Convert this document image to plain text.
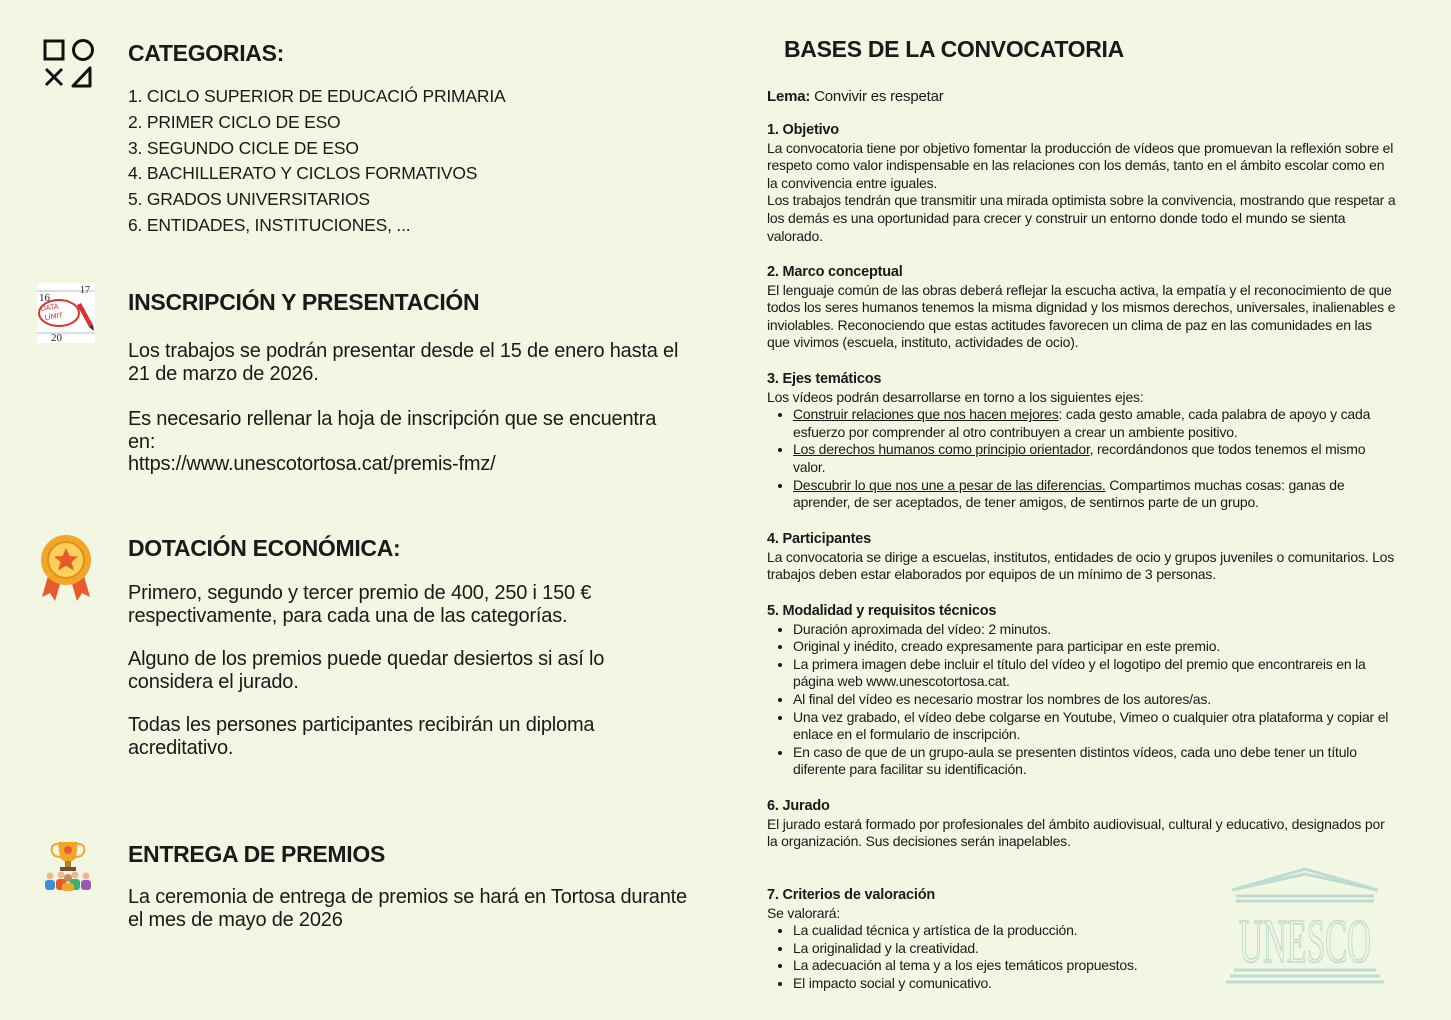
CATEGORIAS:
1. CICLO SUPERIOR DE EDUCACIÓ PRIMARIA
2. PRIMER CICLO DE ESO
3. SEGUNDO CICLE DE ESO
4. BACHILLERATO Y CICLOS FORMATIVOS
5. GRADOS UNIVERSITARIOS
6. ENTIDADES, INSTITUCIONES, ...
16
17
DATA
LÍMIT
20
INSCRIPCIÓN Y PRESENTACIÓN

Los trabajos se podrán presentar desde el 15 de enero hasta el 21 de marzo de 2026.

Es necesario rellenar la hoja de inscripción que se encuentra en:

https://www.unescotortosa.cat/premis-fmz/

DOTACIÓN ECONÓMICA:

Primero, segundo y tercer premio de 400, 250 i 150 € respectivamente, para cada una de las categorías.

Alguno de los premios puede quedar desiertos si así lo considera el jurado.

Todas les persones participantes recibirán un diploma acreditativo.

ENTREGA DE PREMIOS

La ceremonia de entrega de premios se hará en Tortosa durante el mes de mayo de 2026

BASES DE LA CONVOCATORIA

Lema: Convivir es respetar

1. Objetivo

La convocatoria tiene por objetivo fomentar la producción de vídeos que promuevan la reflexión sobre el respeto como valor indispensable en las relaciones con los demás, tanto en el ámbito escolar como en la convivencia entre iguales.

Los trabajos tendrán que transmitir una mirada optimista sobre la convivencia, mostrando que respetar a los demás es una oportunidad para crecer y construir un entorno donde todo el mundo se sienta valorado.

2. Marco conceptual

El lenguaje común de las obras deberá reflejar la escucha activa, la empatía y el reconocimiento de que todos los seres humanos tenemos la misma dignidad y los mismos derechos, universales, inalienables e inviolables. Reconociendo que estas actitudes favorecen un clima de paz en las comunidades en las que vivimos (escuela, instituto, actividades de ocio).

3. Ejes temáticos

Los vídeos podrán desarrollarse en torno a los siguientes ejes:

• Construir relaciones que nos hacen mejores: cada gesto amable, cada palabra de apoyo y cada esfuerzo por comprender al otro contribuyen a crear un ambiente positivo.
• Los derechos humanos como principio orientador, recordándonos que todos tenemos el mismo valor.
• Descubrir lo que nos une a pesar de las diferencias. Compartimos muchas cosas: ganas de aprender, de ser aceptados, de tener amigos, de sentirnos parte de un grupo.
4. Participantes

La convocatoria se dirige a escuelas, institutos, entidades de ocio y grupos juveniles o comunitarios. Los trabajos deben estar elaborados por equipos de un mínimo de 3 personas.

5. Modalidad y requisitos técnicos
• Duración aproximada del vídeo: 2 minutos.
• Original y inédito, creado expresamente para participar en este premio.
• La primera imagen debe incluir el título del vídeo y el logotipo del premio que encontrareis en la página web www.unescotortosa.cat.
• Al final del vídeo es necesario mostrar los nombres de los autores/as.
• Una vez grabado, el vídeo debe colgarse en Youtube, Vimeo o cualquier otra plataforma y copiar el enlace en el formulario de inscripción.
• En caso de que de un grupo-aula se presenten distintos vídeos, cada uno debe tener un título diferente para facilitar su identificación.
6. Jurado

El jurado estará formado por profesionales del ámbito audiovisual, cultural y educativo, designados por la organización. Sus decisiones serán inapelables.

7. Criterios de valoración

Se valorará:

• La cualidad técnica y artística de la producción.
• La originalidad y la creatividad.
• La adecuación al tema y a los ejes temáticos propuestos.
• El impacto social y comunicativo.
UNESCO
